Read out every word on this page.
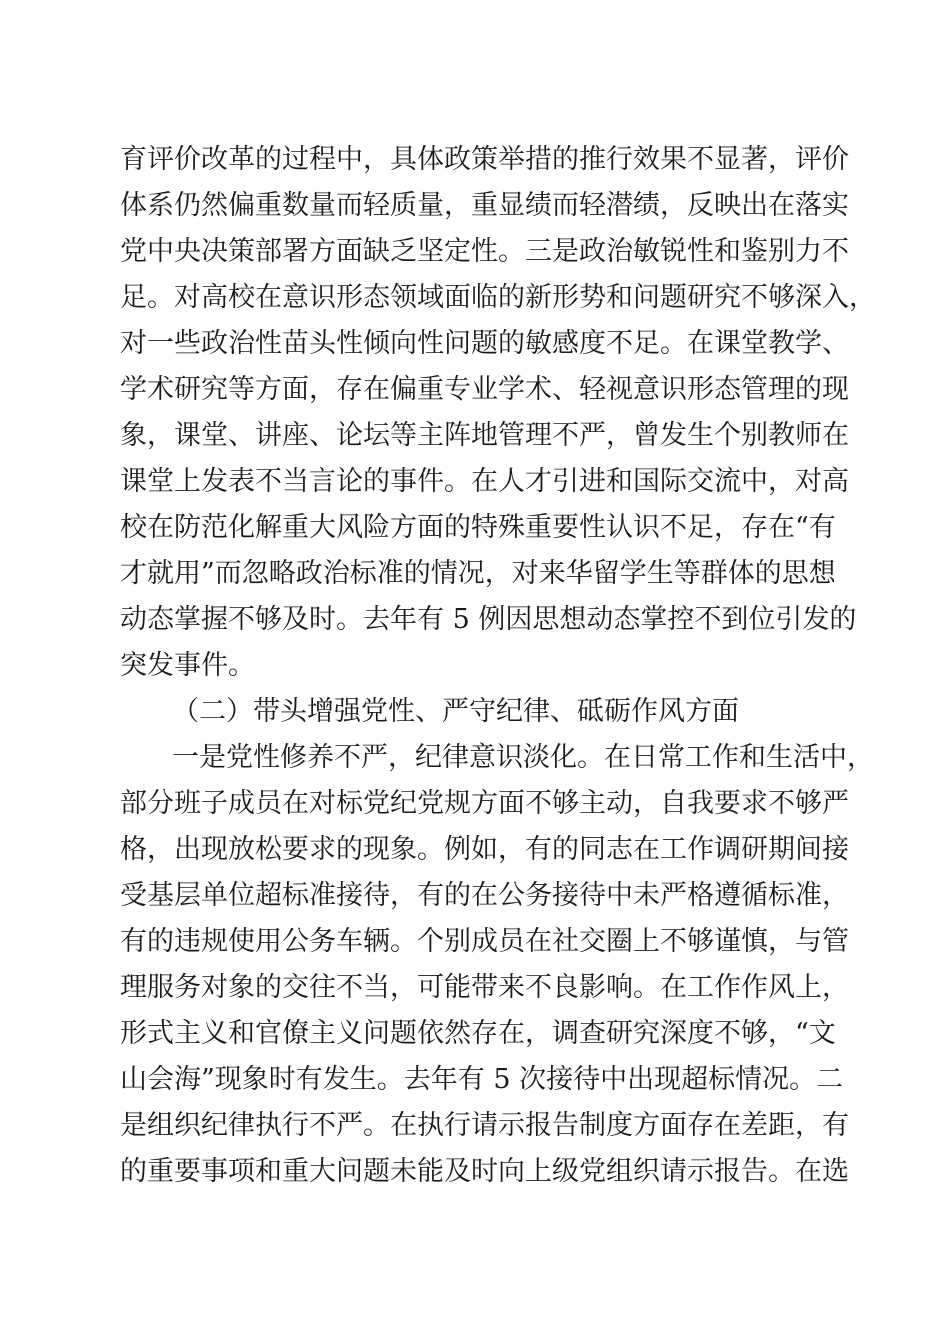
育评价改革的过程中，具体政策举措的推行效果不显著，评价
体系仍然偏重数量而轻质量，重显绩而轻潜绩，反映出在落实
党中央决策部署方面缺乏坚定性。三是政治敏锐性和鉴别力不
足。对高校在意识形态领域面临的新形势和问题研究不够深入，
对一些政治性苗头性倾向性问题的敏感度不足。在课堂教学、
学术研究等方面，存在偏重专业学术、轻视意识形态管理的现
象，课堂、讲座、论坛等主阵地管理不严，曾发生个别教师在
课堂上发表不当言论的事件。在人才引进和国际交流中，对高
校在防范化解重大风险方面的特殊重要性认识不足，存在“有
才就用”而忽略政治标准的情况，对来华留学生等群体的思想
动态掌握不够及时。去年有 5 例因思想动态掌控不到位引发的
突发事件。
（二）带头增强党性、严守纪律、砥砺作风方面
一是党性修养不严，纪律意识淡化。在日常工作和生活中，
部分班子成员在对标党纪党规方面不够主动，自我要求不够严
格，出现放松要求的现象。例如，有的同志在工作调研期间接
受基层单位超标准接待，有的在公务接待中未严格遵循标准，
有的违规使用公务车辆。个别成员在社交圈上不够谨慎，与管
理服务对象的交往不当，可能带来不良影响。在工作作风上，
形式主义和官僚主义问题依然存在，调查研究深度不够，“文
山会海”现象时有发生。去年有 5 次接待中出现超标情况。二
是组织纪律执行不严。在执行请示报告制度方面存在差距，有
的重要事项和重大问题未能及时向上级党组织请示报告。在选
